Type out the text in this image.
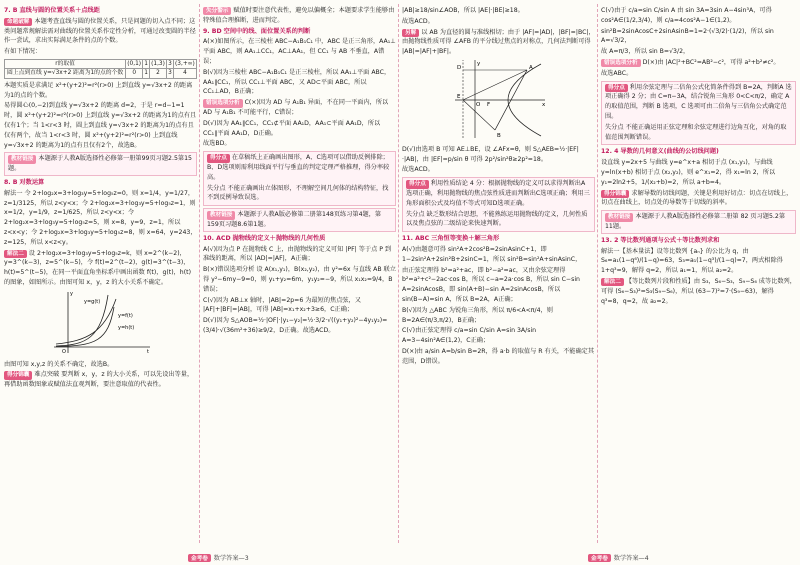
7. B 直线与圆的位置关系＋点线距

命题破解 本题考查直线与圆的位置关系，只是问题的切入点不同；这类问题常规解法需对曲线的位置关系作定性分析，可通过改变圆的半径作一尝试，求出实际满足条件的点的个数。

有如下情况：

r的取值	(0,1)	1	(1,3)	3	(3,+∞)
圆上点到直线 y=√3x+2 距离为1的点的个数	0	1	2	3	4

本题实质是求满足 x²+(y+2)²=r²(r>0) 上到直线 y=√3x+2 的距离为1的点的个数。

易得圆心(0,−2)到直线 y=√3x+2 的距离 d=2，于是 r=d−1=1 时，圆 x²+(y+2)²=r²(r>0) 上到直线 y=√3x+2 的距离为1的点有且仅有1个；当 1<r<3 时，圆上到直线 y=√3x+2 的距离为1的点有且仅有两个，故当 1<r<3 时，圆 x²+(y+2)²=r²(r>0) 上到直线 y=√3x+2 的距离为1的点有且仅有2个，故选B。

教材链接 本题源于人教A版选择性必修第一册第99页习题2.5第15题。

8. B 对数运算

解法一 令 2+log₂x=3+log₃y=5+log₅z=0，则 x=1/4，y=1/27，z=1/3125，所以 z<y<x；令 2+log₂x=3+log₃y=5+log₅z=1，则 x=1/2，y=1/9，z=1/625，所以 z<y<x；令 2+log₂x=3+log₃y=5+log₅z=5，则 x=8，y=9，z=1，所以 z<x<y；令 2+log₂x=3+log₃y=5+log₅z=8，则 x=64，y=243，z=125，所以 x<z<y。

解法二 设 2+log₂x=3+log₃y=5+log₅z=k，则 x=2^(k−2)，y=3^(k−3)，z=5^(k−5)，令 f(t)=2^(t−2)，g(t)=3^(t−3)，h(t)=5^(t−5)，在同一平面直角坐标系中画出函数 f(t)，g(t)，h(t) 的图象，如图所示。由图可知 x，y，z 的大小关系不确定。

y=g(t)
y=f(t)
y=h(t)
O	t
y

由图可知 x,y,z 的关系不确定，故选B。

得分锦囊 难点突破 要判断 x，y，z 的大小关系，可以先设出等量，再借助函数图象或赋值法直观判断，要注意取值的代表性。

失分警示 赋值时要注意代表性，避免以偏概全；本题要求学生能够由特殊值合理推断，进而判定。

9. BD 空间中的线、面位置关系的判断

A(×)如图所示，在三棱柱 ABC−A₁B₁C₁ 中，ABC 是正三角形，AA₁⊥平面 ABC，则 AA₁⊥CC₁，AC⊥AA₁，但 CC₁ 与 AB 不垂直，A错误；

B(√)因为三棱柱 ABC−A₁B₁C₁ 是正三棱柱，所以 AA₁⊥平面 ABC，AA₁∥CC₁，所以 CC₁⊥平面 ABC，又 AD⊂平面 ABC，所以 CC₁⊥AD，B正确；

错误选项分析 C(×)因为 AD 与 A₁B₁ 异面，不在同一平面内，所以 AD 与 A₁B₁ 不可能平行，C错误；

D(√)因为 AA₁∥CC₁，CC₁⊄平面 AA₁D，AA₁⊂平面 AA₁D，所以 CC₁∥平面 AA₁D，D正确。

故选BD。

得分点 在草稿纸上正确画出图形，A、C选项可以借助反例排除；B、D选项则需利用线面平行与垂直的判定定理严格推理，得分率较高。

失分点 不能正确画出立体图形，不理解空间几何体的结构特征，找不到反例导致误选。

教材链接 本题源于人教A版必修第二册第148页练习第4题，第159页习题8.6第1题。

10. ACD 抛物线的定义＋抛物线的几何性质

A(√)因为点 P 在抛物线 C 上，由抛物线的定义可知 |PF| 等于点 P 到准线的距离，所以 |AD|=|AF|，A正确；

B(×)错误选项分析 设 A(x₁,y₁)，B(x₂,y₂)，由 y²=6x 与直线 AB 联立得 y²−6my−9=0，则 y₁+y₂=6m，y₁y₂=−9，所以 x₁x₂=9/4，B错误；

C(√)因为 AB⊥x 轴时，|AB|=2p=6 为最短的焦点弦，又 |AF|+|BF|=|AB|，可得 |AB|=x₁+x₂+3≥6，C正确；

D(√)因为 S△AOB=½·|OF|·|y₁−y₂|=½·3/2·√((y₁+y₂)²−4y₁y₂)=(3/4)·√(36m²+36)≥9/2，D正确。故选ACD。

|AB|≥18/sin∠AOB，所以 |AE|·|BE|≥18。

故选ACD。

另解 以 AB 为直径的圆与准线相切；由于 |AF|=|AD|，|BF|=|BC|，由抛物线性质可得 ∠AFB 的平分线过焦点的对称点，几何法判断可得 |AB|=|AF|+|BF|。

A
B
D
E
F
O	x
y

D(√)由选项 B 可知 AE⊥BE，设 ∠AFx=θ，则 S△AEB=½·|EF|·|AB|，由 |EF|=p/sin θ 可得 2p²/sin²θ≥2p²=18。

故选ACD。

得分点 利用性质结论 4 分：根据抛物线的定义可以求得判断出A选项正确，利用抛物线的焦点弦性质进而判断出C选项正确；利用三角形面积公式及均值不等式可知D选项正确。

失分点 缺乏数形结合思想，不能熟练运用抛物线的定义，几何性质以及焦点弦的二级结论来快速判断。

11. ABC 三角恒等变换＋解三角形

A(√)由题意可得 sin²A+2cos²B=2sinAsinC+1，即 1−2sin²A+2sin²B+2sinC=1，所以 sin²B=sin²A+sinAsinC，

由正弦定理得 b²=a²+ac，即 b²−a²=ac，又由余弦定理得 b²=a²+c²−2ac·cos B，所以 c−a=2a·cos B，所以 sin C−sin A=2sinAcosB，即 sin(A+B)−sin A=2sinAcosB，所以 sin(B−A)=sin A，所以 B=2A，A正确；

B(√)因为 △ABC 为锐角三角形，所以 π/6<A<π/4，则 B=2A∈(π/3,π/2)，B正确；

C(√)由正弦定理得 c/a=sin C/sin A=sin 3A/sin A=3−4sin²A∈(1,2)，C正确；

D(×)由 a/sin A=b/sin B=2R，得 a·b 的取值与 R 有关，不能确定其范围，D错误。

C(√)由于 c/a=sin C/sin A 由 sin 3A=3sin A−4sin³A，可得 cos²A∈(1/2,3/4)，则 c/a=4cos²A−1∈(1,2)。

sin²B=2sinAcosC+2sinAsinB=1=2·(√3/2)·(1/2)，所以 sin A=√3/2，

故 A=π/3，所以 sin B=√3/2，

错误选项分析 D(×)由 |AC|²+BC²=AB²−c²，可得 a²+b²≠c²。

故选ABC。

得分点 利用余弦定理与二倍角公式化简条件得到 B=2A，判断A 选项正确得 2 分；由 C=π−3A，结合锐角三角形 0<C<π/2，确定 A 的取值范围，判断 B 选项，C 选项可由二倍角与三倍角公式确定范围。

失分点 不能正确运用正弦定理和余弦定理进行边角互化，对角的取值范围判断错误。

12. 4 导数的几何意义(曲线的公切线问题)

设直线 y=2x+5 与曲线 y=e^x+a 相切于点 (x₁,y₁)，与曲线 y=ln(x+b) 相切于点 (x₂,y₂)，则 e^x₁=2，得 x₁=ln 2，所以 y₁=2ln2+5，1/(x₂+b)=2，所以 a+b=4。

得分锦囊 求解导数的切线问题，关键是利用好切点：切点在切线上，切点在曲线上，切点处的导数等于切线的斜率。

教材链接 本题源于人教A版选择性必修第二册第 82 页习题5.2第11题。

13. 2 等比数列通项与公式＋等比数列求和

解法一【基本量法】设等比数列 {aₙ} 的公比为 q，由 S₆=a₁(1−q⁶)/(1−q)=63，S₃=a₁(1−q³)/(1−q)=7，两式相除得 1+q³=9，解得 q=2，所以 a₁=1，所以 a₂=2。

解法二 【等比数列片段和性质】由 S₃，S₆−S₃，S₉−S₆ 成等比数列，可得 (S₆−S₃)²=S₃(S₉−S₆)，所以 (63−7)²=7·(S₉−63)，解得 q³=8，q=2，故 a₂=2。

金考卷 数学答案—3	金考卷 数学答案—4
